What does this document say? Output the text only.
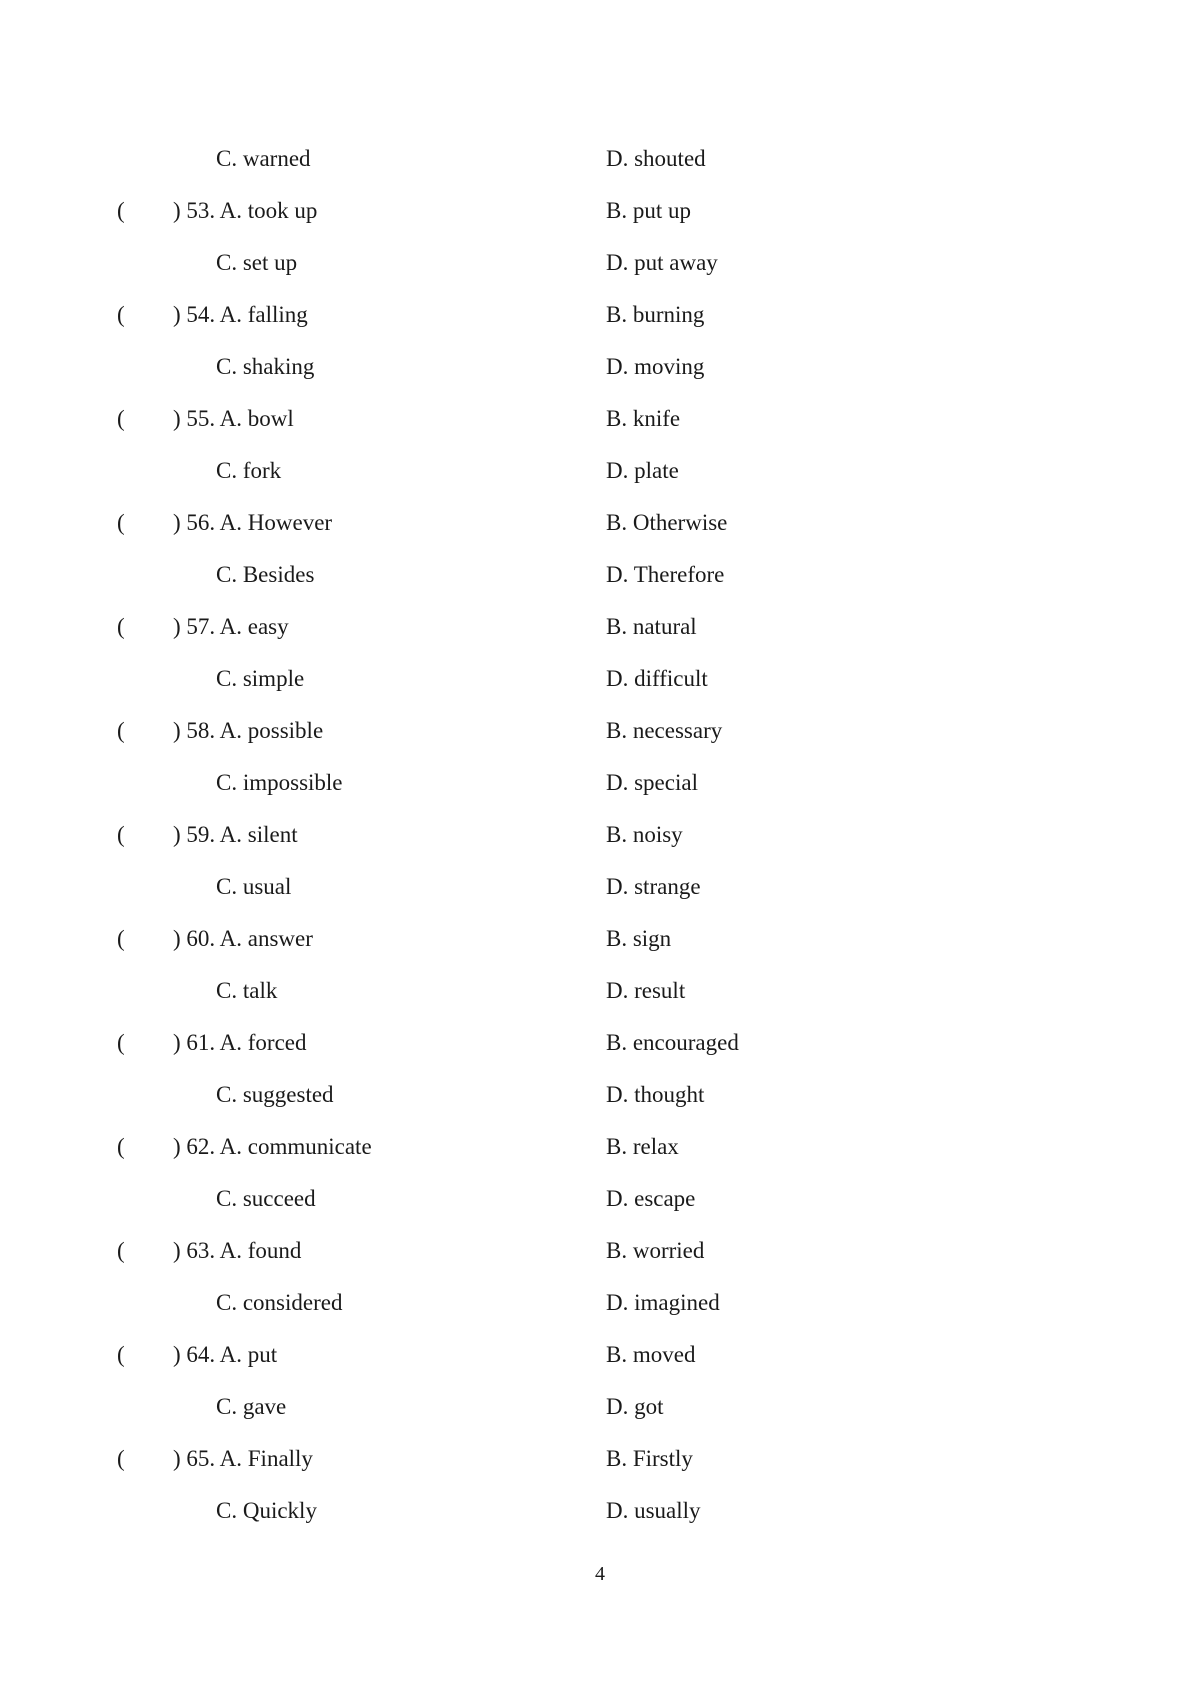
C. warned	D. shouted
( ) 53. A. took up	B. put up
C. set up	D. put away
( ) 54. A. falling	B. burning
C. shaking	D. moving
( ) 55. A. bowl	B. knife
C. fork	D. plate
( ) 56. A. However	B. Otherwise
C. Besides	D. Therefore
( ) 57. A. easy	B. natural
C. simple	D. difficult
( ) 58. A. possible	B. necessary
C. impossible	D. special
( ) 59. A. silent	B. noisy
C. usual	D. strange
( ) 60. A. answer	B. sign
C. talk	D. result
( ) 61. A. forced	B. encouraged
C. suggested	D. thought
( ) 62. A. communicate	B. relax
C. succeed	D. escape
( ) 63. A. found	B. worried
C. considered	D. imagined
( ) 64. A. put	B. moved
C. gave	D. got
( ) 65. A. Finally	B. Firstly
C. Quickly	D. usually
4
